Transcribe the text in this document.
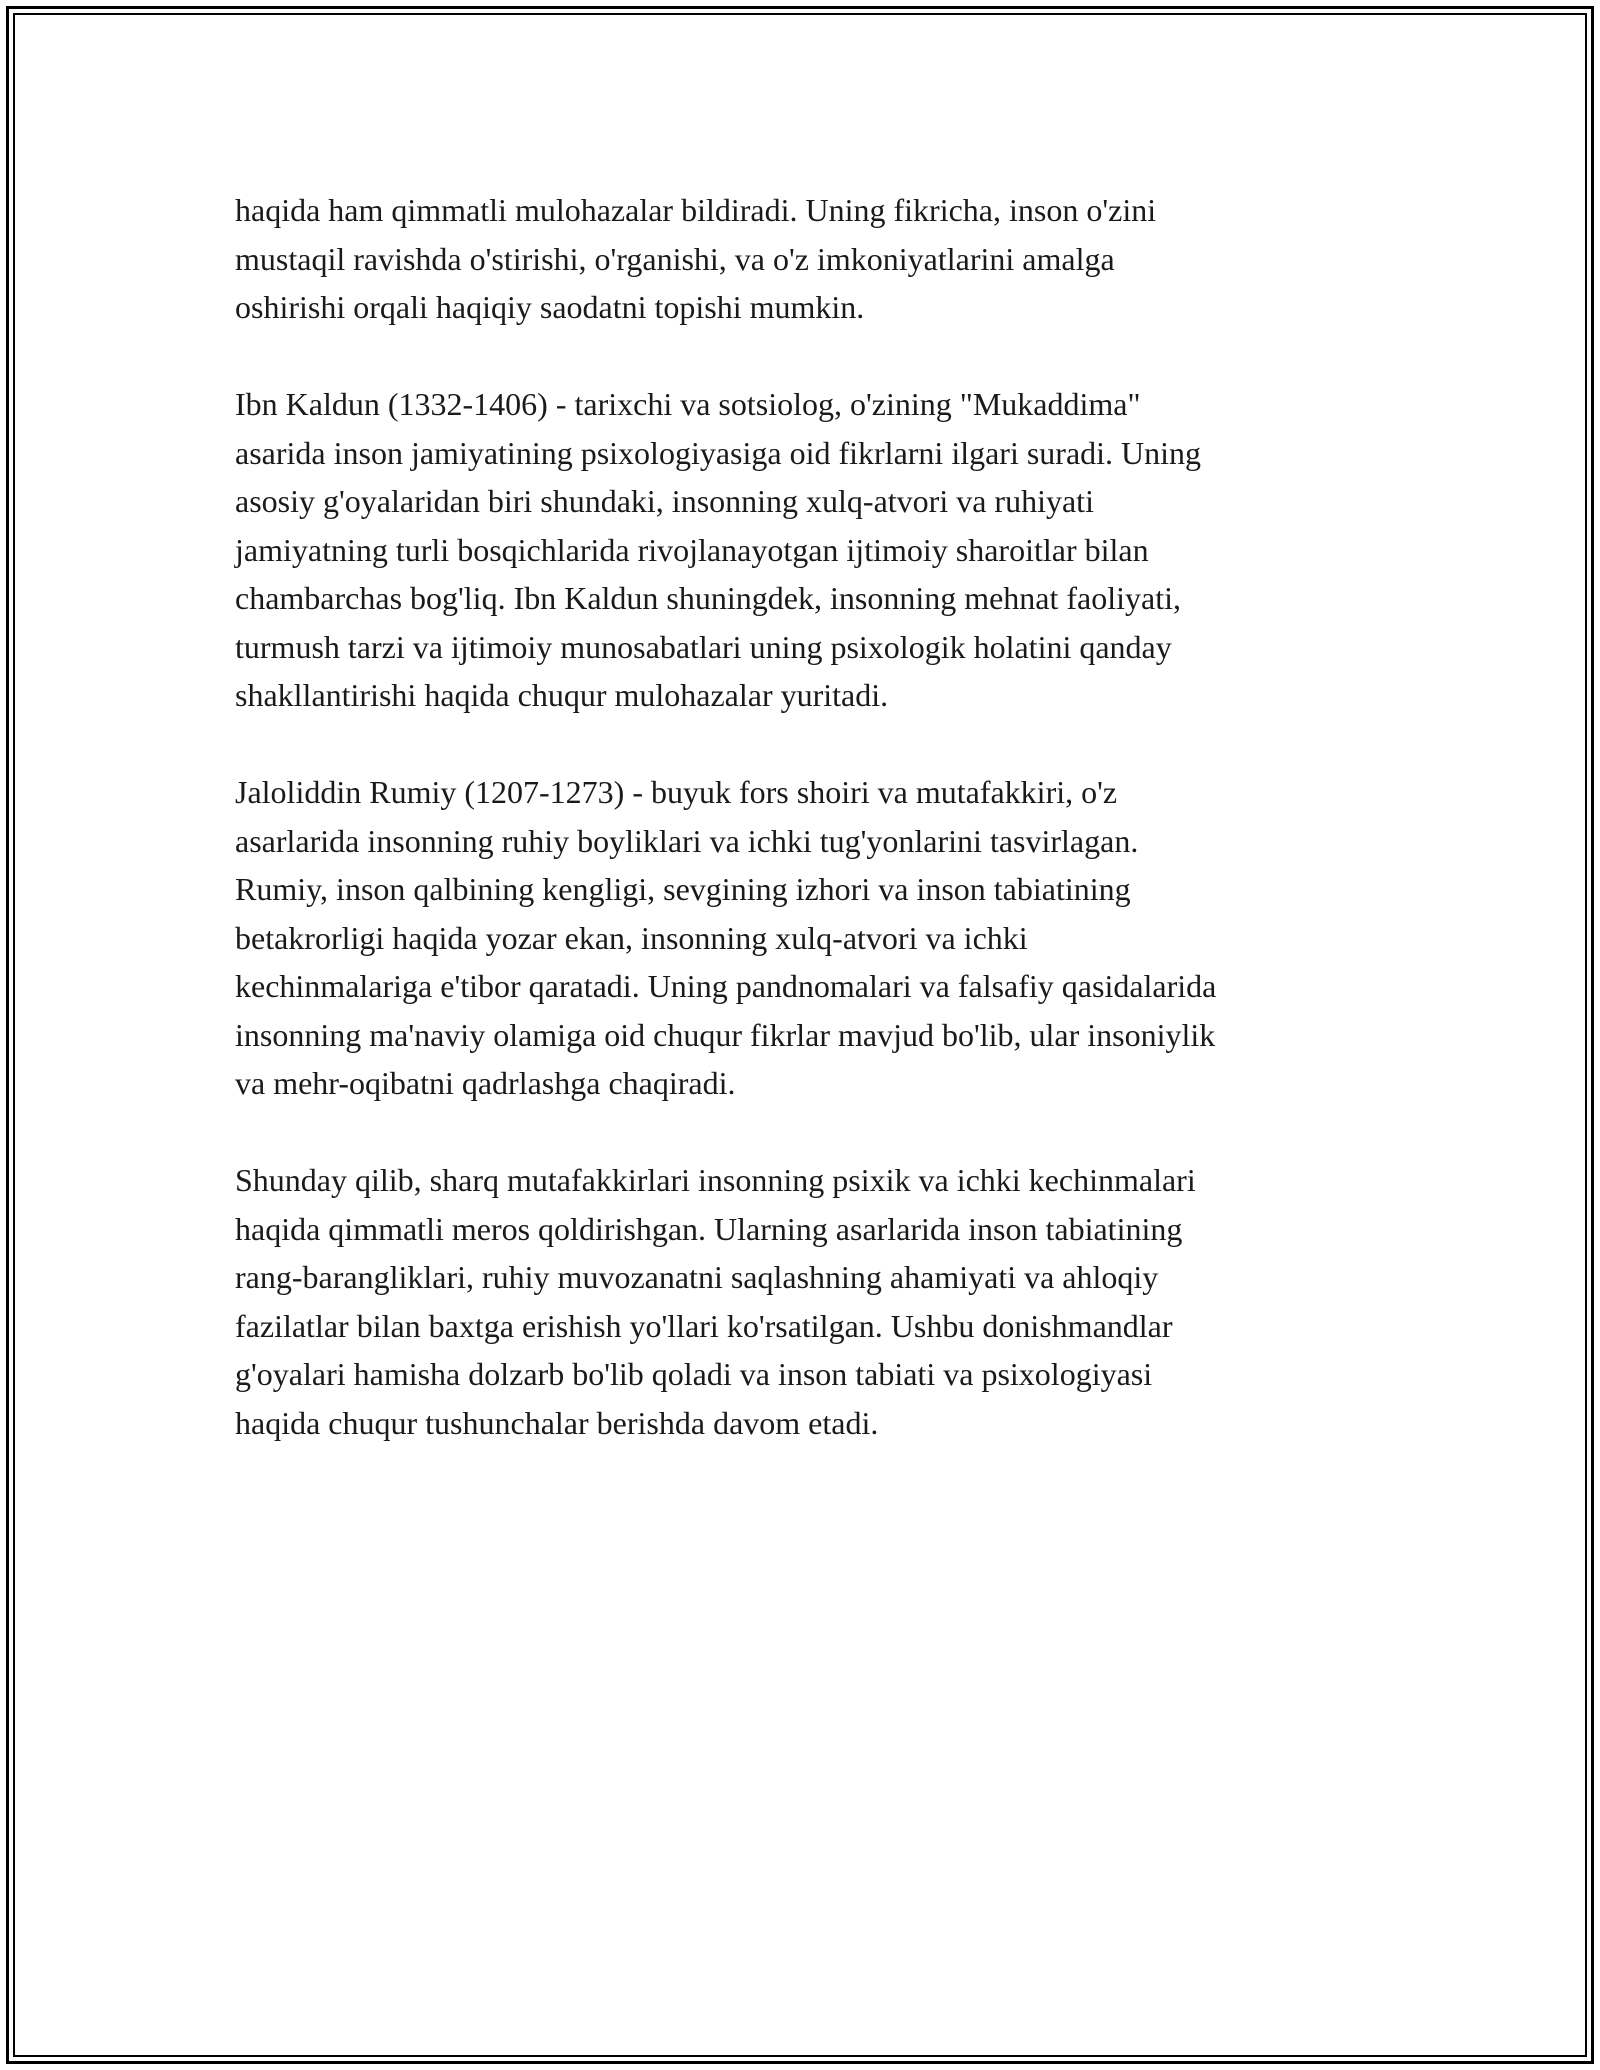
haqida ham qimmatli mulohazalar bildiradi. Uning fikricha, inson o'zini
mustaqil ravishda o'stirishi, o'rganishi, va o'z imkoniyatlarini amalga
oshirishi orqali haqiqiy saodatni topishi mumkin.

Ibn Kaldun (1332-1406) - tarixchi va sotsiolog, o'zining "Mukaddima"
asarida inson jamiyatining psixologiyasiga oid fikrlarni ilgari suradi. Uning
asosiy g'oyalaridan biri shundaki, insonning xulq-atvori va ruhiyati
jamiyatning turli bosqichlarida rivojlanayotgan ijtimoiy sharoitlar bilan
chambarchas bog'liq. Ibn Kaldun shuningdek, insonning mehnat faoliyati,
turmush tarzi va ijtimoiy munosabatlari uning psixologik holatini qanday
shakllantirishi haqida chuqur mulohazalar yuritadi.

Jaloliddin Rumiy (1207-1273) - buyuk fors shoiri va mutafakkiri, o'z
asarlarida insonning ruhiy boyliklari va ichki tug'yonlarini tasvirlagan.
Rumiy, inson qalbining kengligi, sevgining izhori va inson tabiatining
betakrorligi haqida yozar ekan, insonning xulq-atvori va ichki
kechinmalariga e'tibor qaratadi. Uning pandnomalari va falsafiy qasidalarida
insonning ma'naviy olamiga oid chuqur fikrlar mavjud bo'lib, ular insoniylik
va mehr-oqibatni qadrlashga chaqiradi.

Shunday qilib, sharq mutafakkirlari insonning psixik va ichki kechinmalari
haqida qimmatli meros qoldirishgan. Ularning asarlarida inson tabiatining
rang-barangliklari, ruhiy muvozanatni saqlashning ahamiyati va ahloqiy
fazilatlar bilan baxtga erishish yo'llari ko'rsatilgan. Ushbu donishmandlar
g'oyalari hamisha dolzarb bo'lib qoladi va inson tabiati va psixologiyasi
haqida chuqur tushunchalar berishda davom etadi.
